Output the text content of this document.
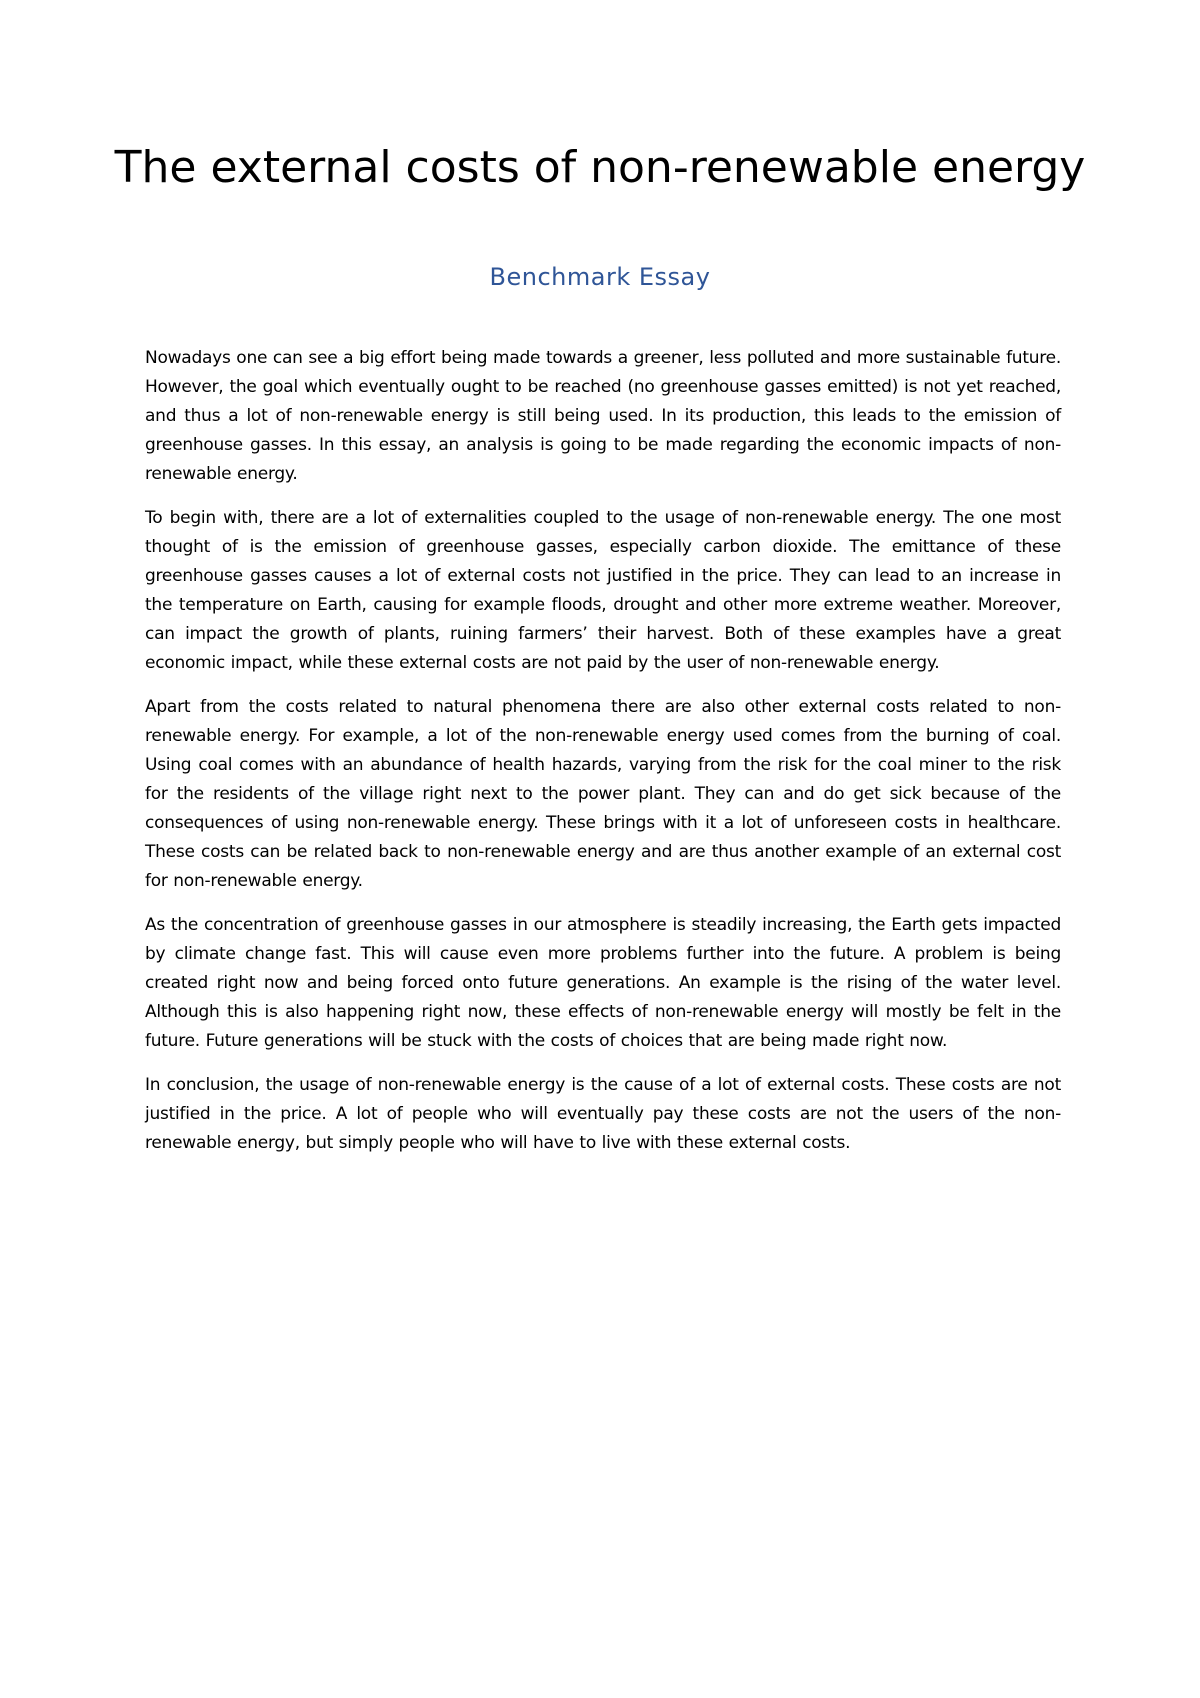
The external costs of non-renewable energy
Benchmark Essay

Nowadays one can see a big effort being made towards a greener, less polluted and more sustainable future. However, the goal which eventually ought to be reached (no greenhouse gasses emitted) is not yet reached, and thus a lot of non-renewable energy is still being used. In its production, this leads to the emission of greenhouse gasses. In this essay, an analysis is going to be made regarding the economic impacts of non-renewable energy.

To begin with, there are a lot of externalities coupled to the usage of non-renewable energy. The one most thought of is the emission of greenhouse gasses, especially carbon dioxide. The emittance of these greenhouse gasses causes a lot of external costs not justified in the price. They can lead to an increase in the temperature on Earth, causing for example floods, drought and other more extreme weather. Moreover, can impact the growth of plants, ruining farmers’ their harvest. Both of these examples have a great economic impact, while these external costs are not paid by the user of non-renewable energy.

Apart from the costs related to natural phenomena there are also other external costs related to non-renewable energy. For example, a lot of the non-renewable energy used comes from the burning of coal. Using coal comes with an abundance of health hazards, varying from the risk for the coal miner to the risk for the residents of the village right next to the power plant. They can and do get sick because of the consequences of using non-renewable energy. These brings with it a lot of unforeseen costs in healthcare. These costs can be related back to non-renewable energy and are thus another example of an external cost for non-renewable energy.

As the concentration of greenhouse gasses in our atmosphere is steadily increasing, the Earth gets impacted by climate change fast. This will cause even more problems further into the future. A problem is being created right now and being forced onto future generations. An example is the rising of the water level. Although this is also happening right now, these effects of non-renewable energy will mostly be felt in the future. Future generations will be stuck with the costs of choices that are being made right now.

In conclusion, the usage of non-renewable energy is the cause of a lot of external costs. These costs are not justified in the price. A lot of people who will eventually pay these costs are not the users of the non-renewable energy, but simply people who will have to live with these external costs.
